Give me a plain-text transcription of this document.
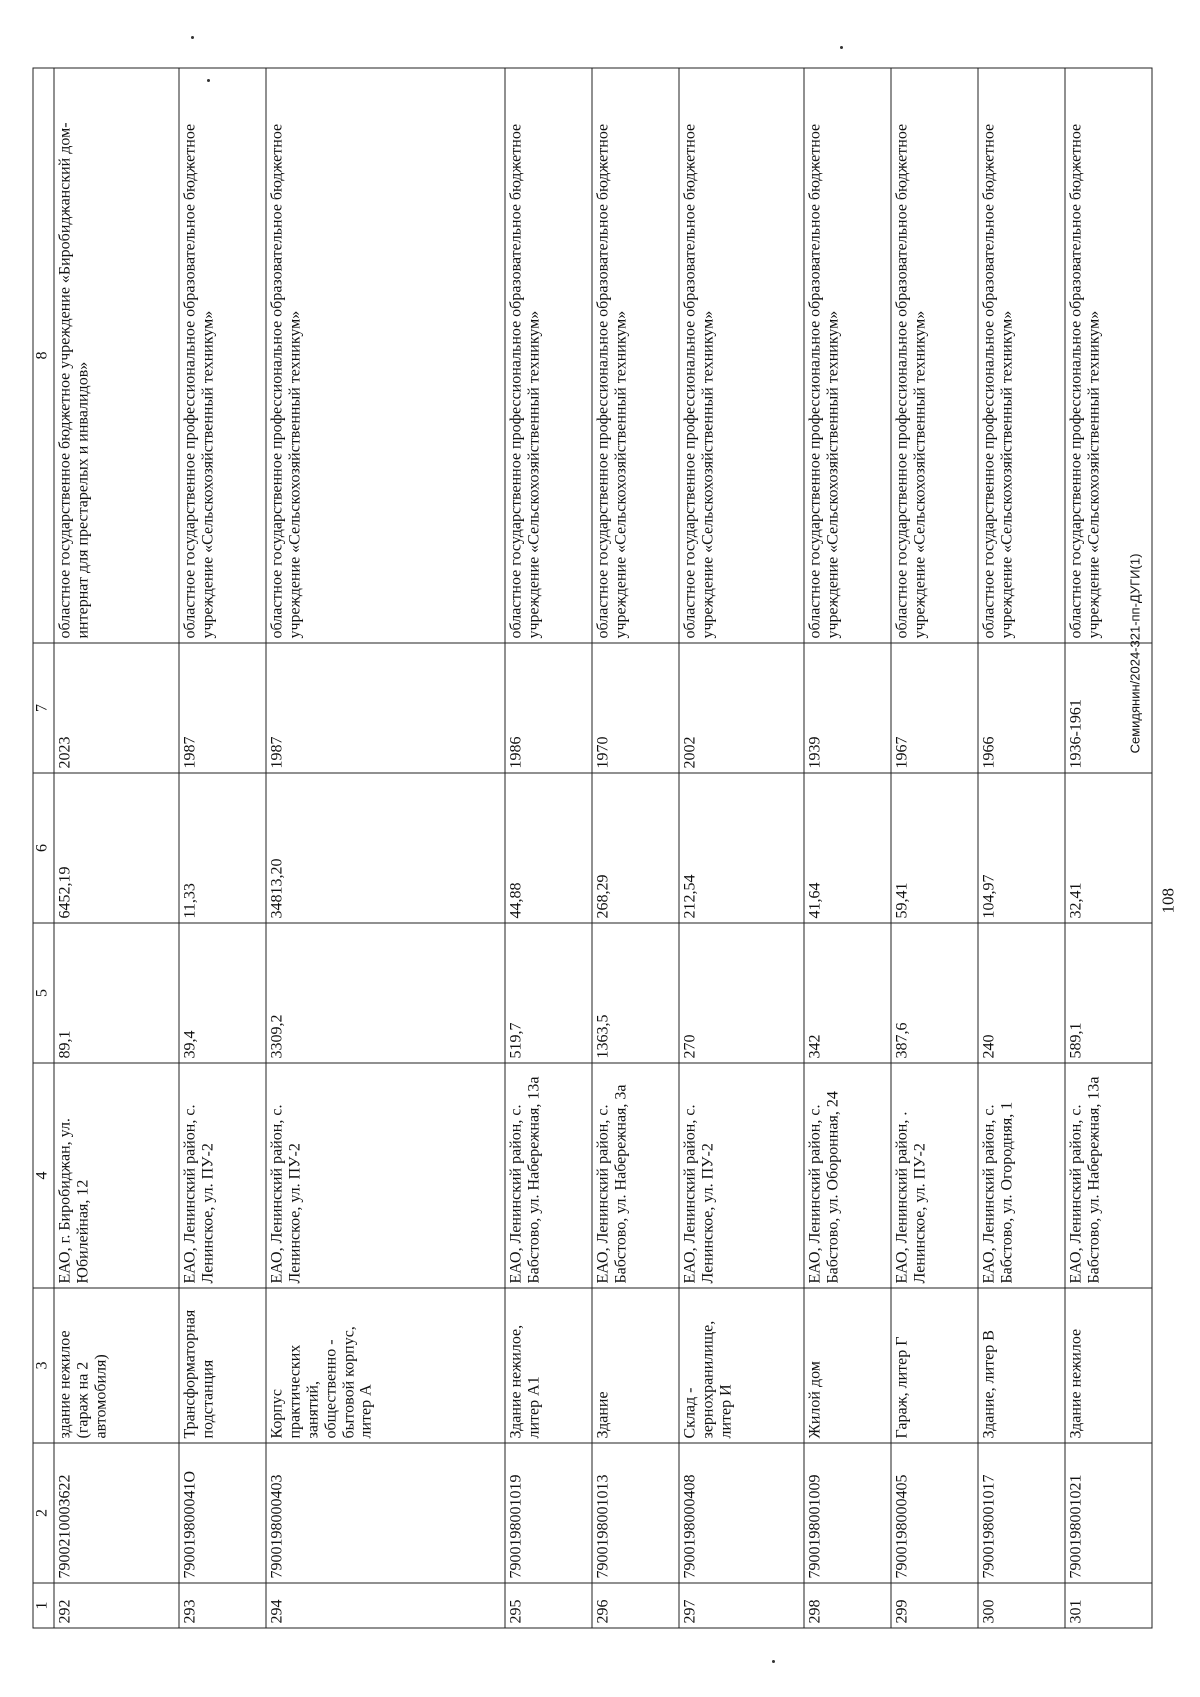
1	2	3	4	5	6	7	8
292	790021000З622	здание нежилое (гараж на 2 автомобиля)	ЕАО, г. Биробиджан, ул. Юбилейная, 12	89,1	6452,19	2023	областное государственное бюджетное учреждение «Биробиджанский дом-интернат для престарелых и инвалидов»
293	790019800041О	Трансформаторная подстанция	ЕАО, Ленинский район, с. Ленинское, ул. ПУ-2	39,4	11,33	1987	областное государственное профессиональное образовательное бюджетное учреждение «Сельскохозяйственный техникум»
294	7900198000403	Корпус практических занятий, общественно - бытовой корпус, литер А	ЕАО, Ленинский район, с. Ленинское, ул. ПУ-2	3309,2	34813,20	1987	областное государственное профессиональное образовательное бюджетное учреждение «Сельскохозяйственный техникум»
295	7900198001019	Здание нежилое, литер А1	ЕАО, Ленинский район, с. Бабстово, ул. Набережная, 13а	519,7	44,88	1986	областное государственное профессиональное образовательное бюджетное учреждение «Сельскохозяйственный техникум»
296	7900198001013	Здание	ЕАО, Ленинский район, с. Бабстово, ул. Набережная, 3а	1363,5	268,29	1970	областное государственное профессиональное образовательное бюджетное учреждение «Сельскохозяйственный техникум»
297	7900198000408	Склад - зернохранилище, литер И	ЕАО, Ленинский район, с. Ленинское, ул. ПУ-2	270	212,54	2002	областное государственное профессиональное образовательное бюджетное учреждение «Сельскохозяйственный техникум»
298	7900198001009	Жилой дом	ЕАО, Ленинский район, с. Бабстово, ул. Оборонная, 24	342	41,64	1939	областное государственное профессиональное образовательное бюджетное учреждение «Сельскохозяйственный техникум»
299	7900198000405	Гараж, литер Г	ЕАО, Ленинский район, . Ленинское, ул. ПУ-2	387,6	59,41	1967	областное государственное профессиональное образовательное бюджетное учреждение «Сельскохозяйственный техникум»
300	7900198001017	Здание, литер В	ЕАО, Ленинский район, с. Бабстово, ул. Огородняя, 1	240	104,97	1966	областное государственное профессиональное образовательное бюджетное учреждение «Сельскохозяйственный техникум»
301	7900198001021	Здание нежилое	ЕАО, Ленинский район, с. Бабстово, ул. Набережная, 13а	589,1	32,41	1936-1961	областное государственное профессиональное образовательное бюджетное учреждение «Сельскохозяйственный техникум»
108
Семидянин/2024-321-пп-ДУГИ(1)
